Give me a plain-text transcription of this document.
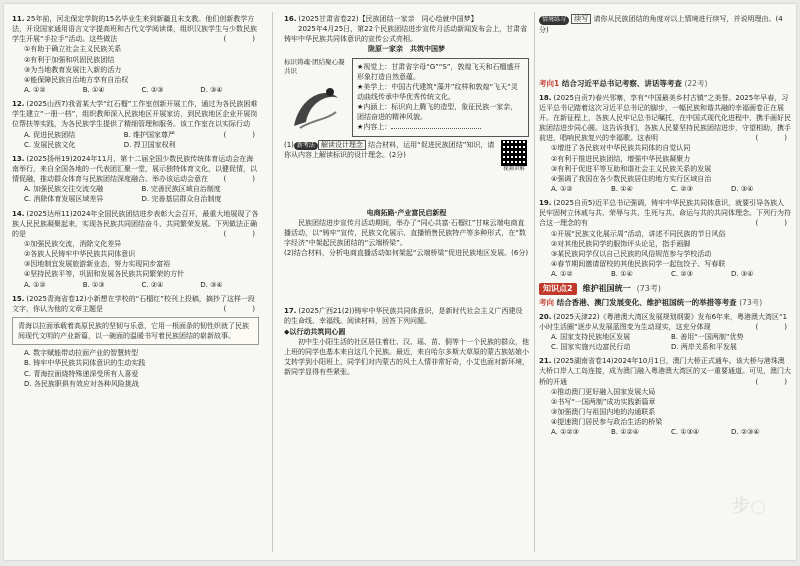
11. 25年前，河北保定学院的15名毕业生来到新疆且末支教。他们创新教学方法，开设国家通用语言文字提高班和古代文学阅读课，组织汉族学生与少数民族学生开展“手拉手”活动。这些做法	(　　)
①有助于确立社会主义民族关系
②有利于加强和巩固民族团结
③为当地教育发展注入新的活力
④能保障民族自治地方享有自治权
A. ①②	B. ①④	C. ②③	D. ③④
12. (2025山西7)我省某大学“红石榴”工作室创新开展工作，通过为各民族困难学生建立“一册一档”，组织教师深入民族地区开展家访，到民族地区企业开展岗位帮扶等实践，为各民族学生提供了精细管理和服务。该工作室在以实际行动
(　　)
A. 促进民族团结	B. 维护国家尊严
C. 发展民族文化	D. 捍卫国家权利
13. (2025扬州19)2024年11月，第十二届全国少数民族传统体育运动会在海南举行，来自全国各地的一代表团汇聚一堂，展示独特体育文化，以健促情，以情促融，推动群众体育与民族团结深度融合。举办该运动会意在 (　　)
A. 加强民族交往交流交融	B. 完善民族区域自治制度
C. 消除体育发展区域差异	D. 完善基层群众自治制度
14. (2025达州11)2024年全国民族团结进步表彰大会召开，最重大地展现了各族人民民族凝聚起来，实现各民族共同团结奋斗、共同繁荣发展。下列做法正确的是	(　　)
①加强民族交流，消除文化差异
②各族人民铸牢中华民族共同体意识
③因地制宜发展旅游新业态，努力实现同步富裕
④坚持民族平等，巩固和发展各民族共同繁荣的方针
A. ①②	B. ①③	C. ②④	D. ③④
15. (2025青海省卷12)小新想在学校的“石榴红”校刊上投稿，摘抄了这样一段文字，你认为他的文章主题是	(　　)
青海以拉面承载着高原民族的坚韧与乐意，它用一根面条的韧性织就了民族间现代文明的产业新篇，以一碗面的温暖书写着民族团结的崭新故事。
A. 数字赋能带动拉面产业的智慧转型
B. 铸牢中华民族共同体意识的生动实践
C. 青海拉面烧特殊递深受所有人喜爱
D. 各民族职俱有效应对各种风险挑战
16. (2025甘肃省卷22)【民族团结一家亲　同心绘就中国梦】
2025年4月25日，第22个民族团结进步宣传月活动新闻发布会上，甘肃省铸牢中华民族共同体意识的宣传公式亮相。
陇原一家亲　共筑中国梦
标识铸魂·团结聚心凝共识
★视觉上：甘肃省字母“G”“S”，敦煌飞天和石榴盛开形象打造自然意蕴。
★美学上：中国古代建筑“藻井”纹样和敦煌“飞天”灵动曲线传承中华优秀传统文化。
★内涵上：标识向上腾飞的造型，象征民族一家亲，团结奋进的精神风貌。
★内容上：
视频讲解
(1) 新考法 解读设计理念 结合材料，运用“促进民族团结”知识，请你从内容上解读标识的设计理念。(2分)
电商拓路·产业富民启新程
民族团结进步宣传月活动期间，举办了“同心共富·石榴红”甘味云端电商直播活动，以“铸牢”宣传，民族文化展示、直播销售民族特产等多种形式，在“数字经济”中架起民族团结的“云端桥梁”。
(2)结合材料，分析电商直播活动如何架起“云端桥梁”促进民族地区发展。(6分)
17. (2025广西21(2))铸牢中华民族共同体意识，是新时代社会主义广西建设的生命线、幸福线。阅读材料，回答下列问题。
◆以行动共筑同心圆
初中生小阳生活的社区居住着壮、汉、瑶、苗、侗等十一个民族的群众，他上班的同学也基本来自这几个民族。最近，来自哈尔多斯大草原的蒙古族姑娘小艾转学到小阳班上，同学们对内蒙古的风土人情非常好奇，小艾也面对新环境，新同学显得有些紧张。
情境练习 续写 请你从民族团结的角度对以上情境进行续写，并说明理由。(4分)
考向1 结合习近平总书记考察、讲话等考查 (22考)
18. (2025自贡7)春兴邻寨，享有“中国最美乡村古镇”之美誉。2025年早春，习近平总书记踏着这次习近平总书记的脚步，一幅民族和谐共融的幸福画卷正在展开。在新征程上，各族人民牢记总书记嘱托，在中国式现代化进程中，携手画好民族团结进步同心圆。这告诉我们，各族人民要坚持民族团结进步，守望相助，携手前进，唱响民族复兴的幸福歌。这表明	(　　)
①增进了各民族对中华民族共同体的自觉认同
②有利于推进民族团结，增强中华民族凝聚力
③有利于促进平等互助和谐社会主义民族关系的发展
④强调了我国在各少数民族居住的地方实行区域自治
A. ①②	B. ①④	C. ②③	D. ③④
19. (2025自贡5)近平总书记强调，铸牢中华民族共同体意识，就要引导各族人民牢固树立休戚与共、荣辱与共、生死与共、命运与共的共同体理念。下列行为符合这一理念的有	(　　)
①开展“民族文化展示周”活动，讲述不同民族的节日风俗
②对其他民族同学的服饰评头论足，指手画脚
③某民族同学仅以自己民族的风俗规范参与学校活动
④春节期间邀请留校的其他民族同学一起包饺子、写春联
A. ①②	B. ①④	C. ②③	D. ③④
知识点2	维护祖国统一 (73考)
考向 结合香港、澳门发展变化、维护祖国统一的举措等考查 (73考)
20. (2025天津22)《粤港澳大湾区发展规划纲要》发布6年来，粤港澳大湾区“1小时生活圈”逐步从发展蓝图变为生动现实，这充分体现	(　　)
A. 国家支持民族地区发展	B. 善用“一国两制”优势
C. 国家实施兴边富民行动	D. 两岸关系和平发展
21. (2025湖南省卷14)2024年10月1日，澳门大桥正式通车。该大桥与港珠澳大桥口岸人工岛连接，成为澳门融入粤港澳大湾区的又一重要通道。可见，澳门大桥的开通	(　　)
①推动澳门更好融入国家发展大局
②书写“一国两制”成功实践新篇章
③加强澳门与祖国内地的沟通联系
④提速澳门居民参与政治生活的桥梁
A. ①②③	B. ①②④	C. ①③④	D. ②③④
步○
